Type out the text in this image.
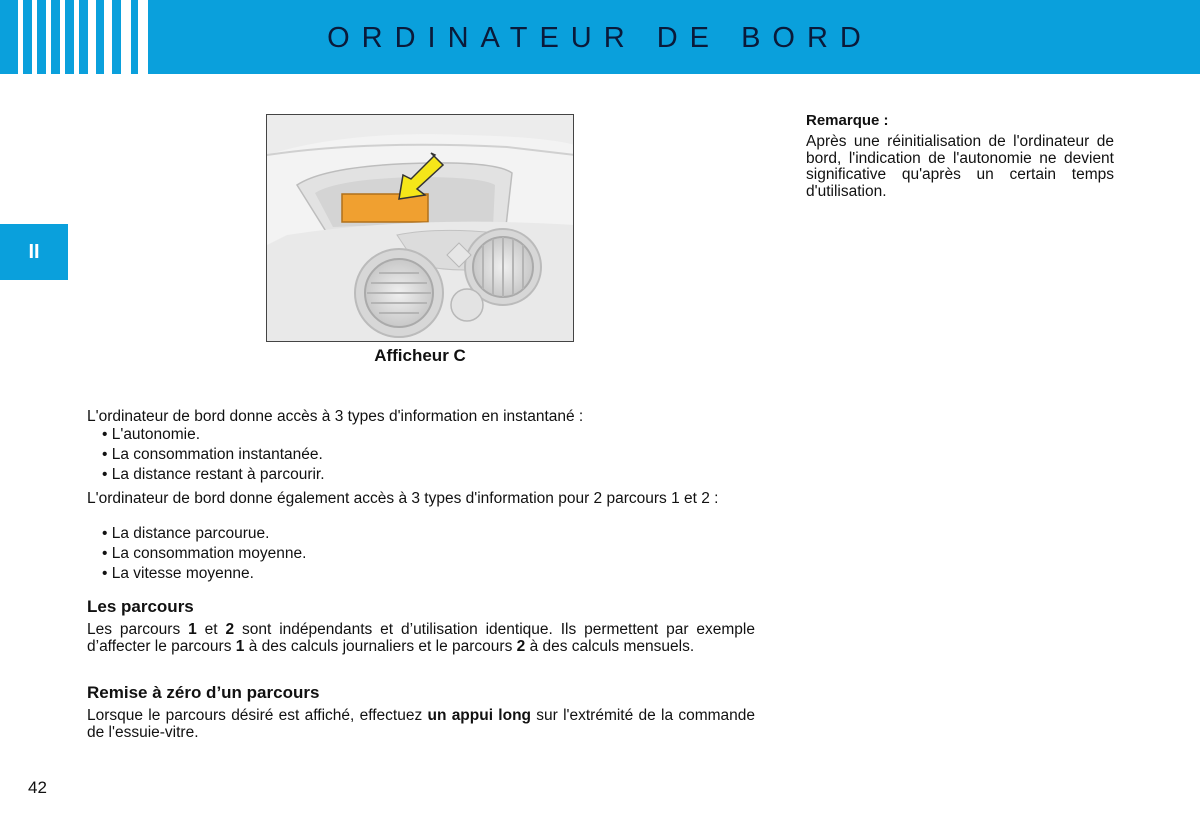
ORDINATEUR DE BORD
II
Afficheur C
L'ordinateur de bord donne accès à 3 types d'information en instantané :
• L'autonomie.
• La consommation instantanée.
• La distance restant à parcourir.
L'ordinateur de bord donne également accès à 3 types d'information pour 2 parcours 1 et 2 :
• La distance parcourue.
• La consommation moyenne.
• La vitesse moyenne.
Les parcours
Les parcours 1 et 2 sont indépendants et d’utilisation identique. Ils permettent par exemple d’affecter le parcours 1 à des calculs journaliers et le parcours 2 à des calculs mensuels.
Remise à zéro d’un parcours
Lorsque le parcours désiré est affiché, effectuez un appui long sur l'extrémité de la commande de l'essuie-vitre.
Remarque :
Après une réinitialisation de l'ordinateur de bord, l'indication de l'autonomie ne devient significative qu'après un certain temps d'utilisation.
42
